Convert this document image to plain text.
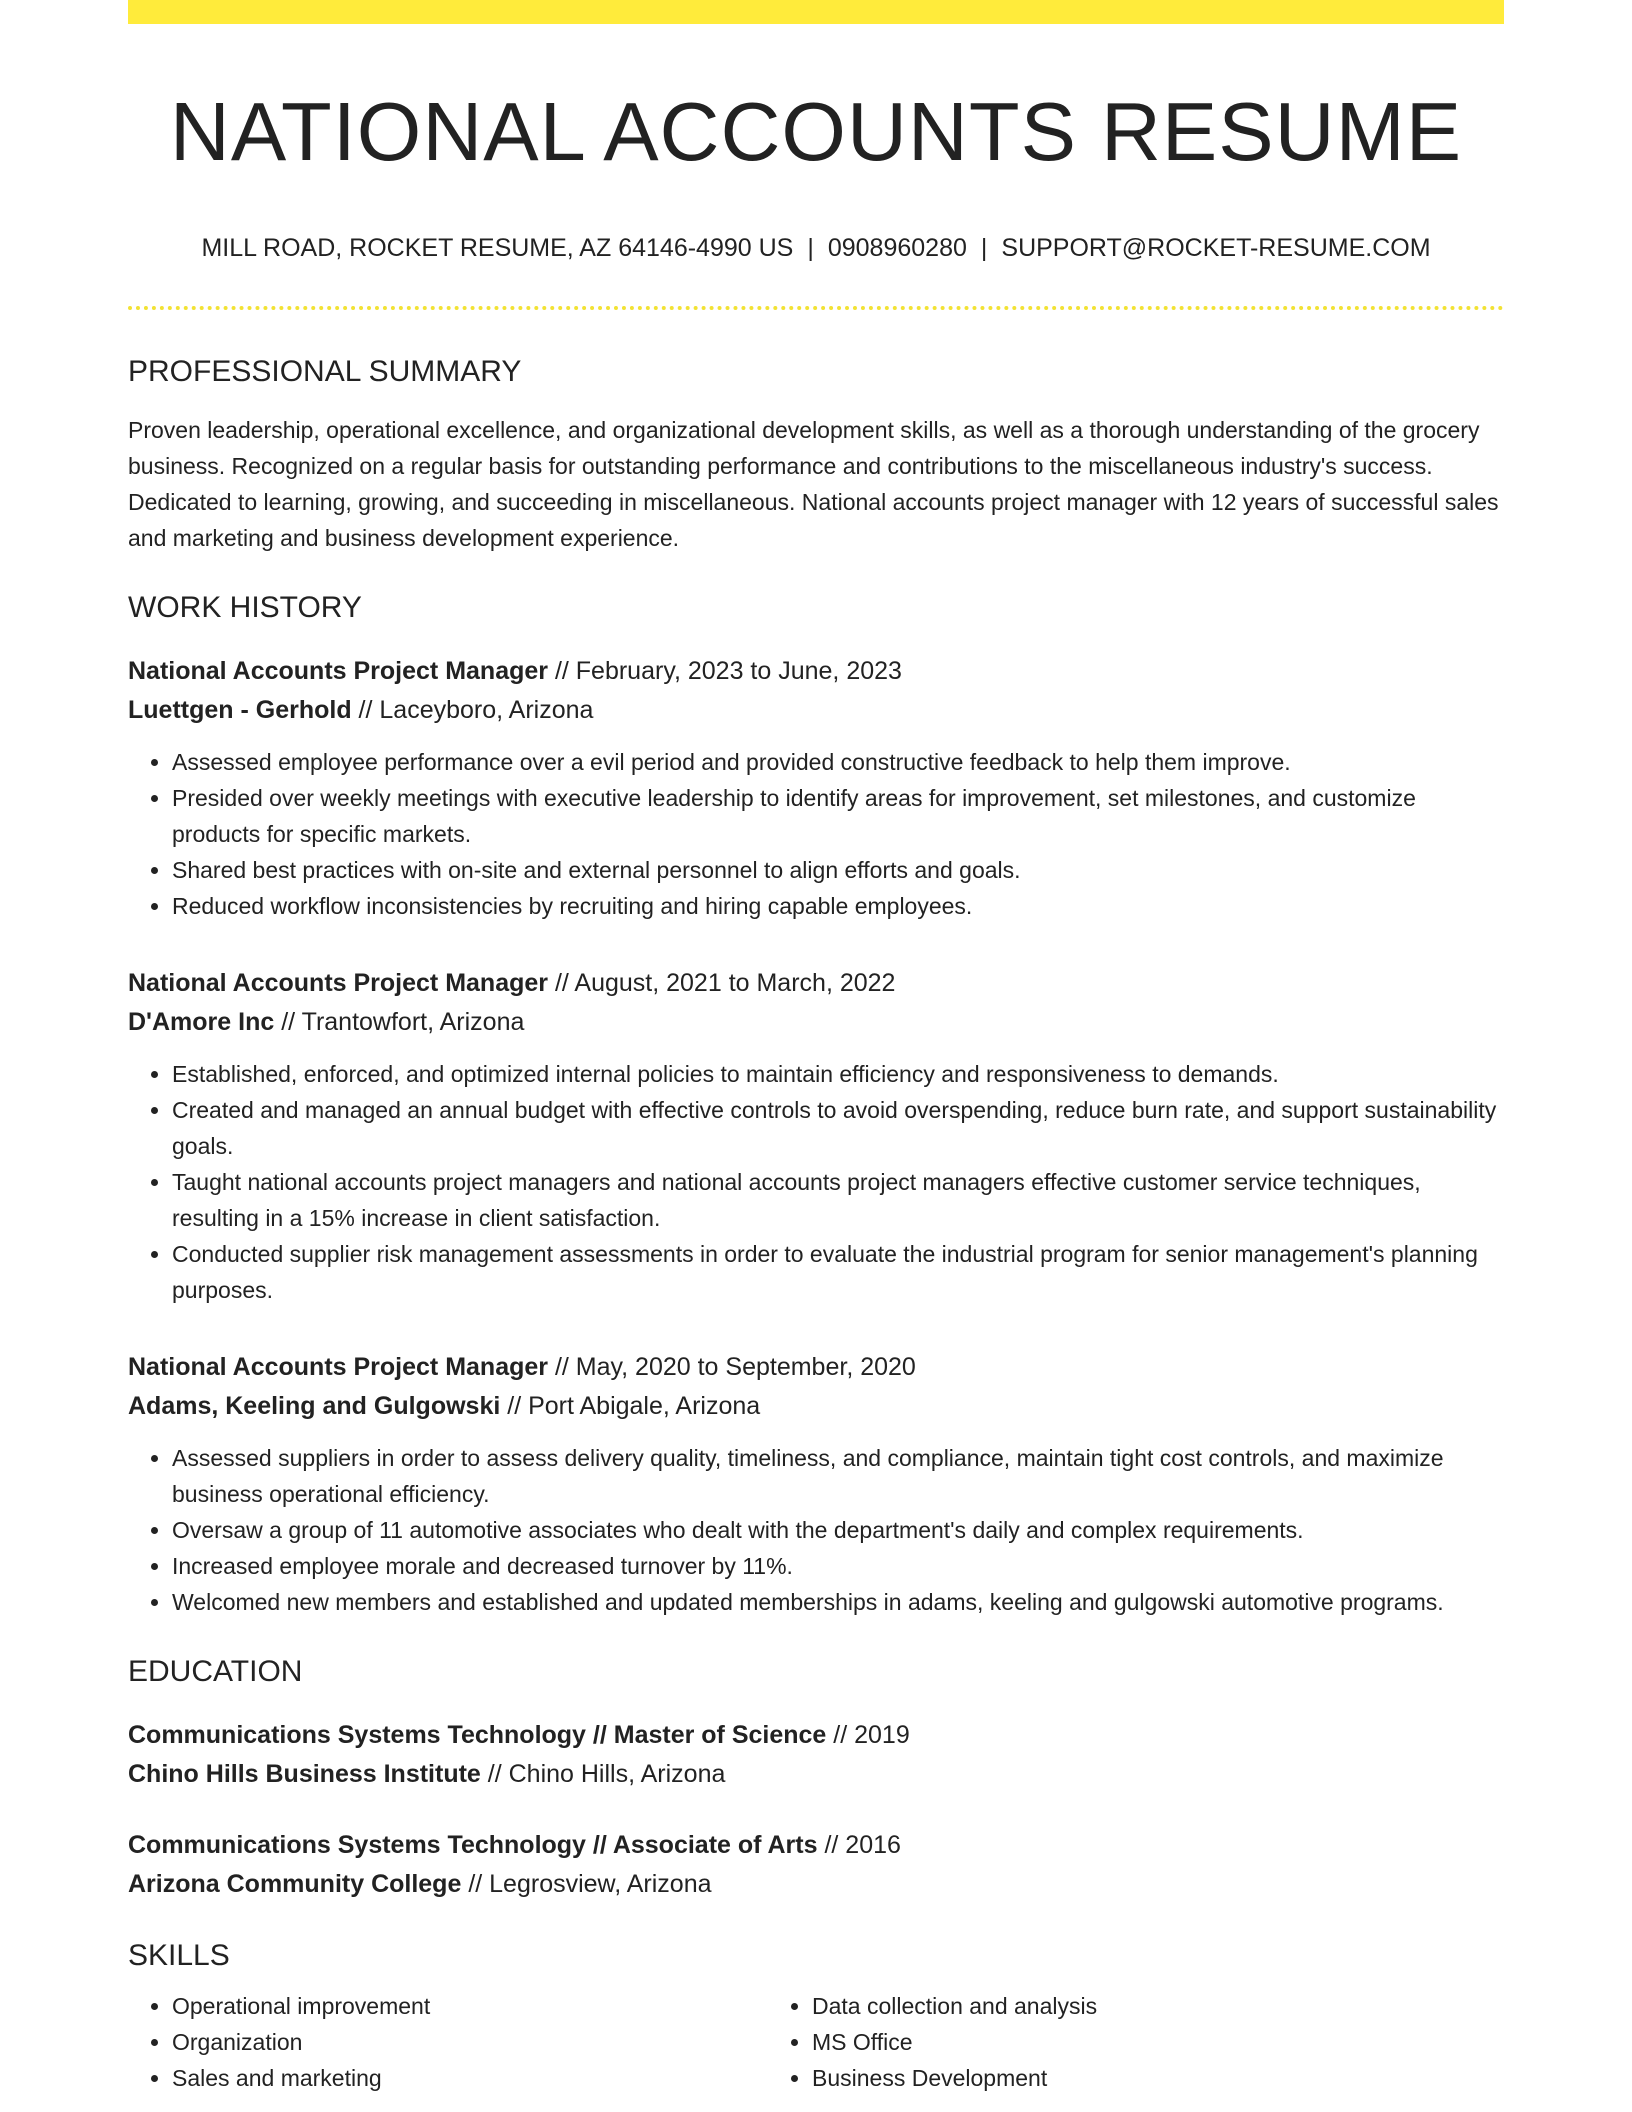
NATIONAL ACCOUNTS RESUME
MILL ROAD, ROCKET RESUME, AZ 64146-4990 US | 0908960280 | SUPPORT@ROCKET-RESUME.COM
PROFESSIONAL SUMMARY

Proven leadership, operational excellence, and organizational development skills, as well as a thorough understanding of the grocery business. Recognized on a regular basis for outstanding performance and contributions to the miscellaneous industry's success. Dedicated to learning, growing, and succeeding in miscellaneous. National accounts project manager with 12 years of successful sales and marketing and business development experience.

WORK HISTORY
National Accounts Project Manager // February, 2023 to June, 2023
Luettgen - Gerhold // Laceyboro, Arizona
• Assessed employee performance over a evil period and provided constructive feedback to help them improve.
• Presided over weekly meetings with executive leadership to identify areas for improvement, set milestones, and customize products for specific markets.
• Shared best practices with on-site and external personnel to align efforts and goals.
• Reduced workflow inconsistencies by recruiting and hiring capable employees.
National Accounts Project Manager // August, 2021 to March, 2022
D'Amore Inc // Trantowfort, Arizona
• Established, enforced, and optimized internal policies to maintain efficiency and responsiveness to demands.
• Created and managed an annual budget with effective controls to avoid overspending, reduce burn rate, and support sustainability goals.
• Taught national accounts project managers and national accounts project managers effective customer service techniques, resulting in a 15% increase in client satisfaction.
• Conducted supplier risk management assessments in order to evaluate the industrial program for senior management's planning purposes.
National Accounts Project Manager // May, 2020 to September, 2020
Adams, Keeling and Gulgowski // Port Abigale, Arizona
• Assessed suppliers in order to assess delivery quality, timeliness, and compliance, maintain tight cost controls, and maximize business operational efficiency.
• Oversaw a group of 11 automotive associates who dealt with the department's daily and complex requirements.
• Increased employee morale and decreased turnover by 11%.
• Welcomed new members and established and updated memberships in adams, keeling and gulgowski automotive programs.
EDUCATION
Communications Systems Technology // Master of Science // 2019
Chino Hills Business Institute // Chino Hills, Arizona
Communications Systems Technology // Associate of Arts // 2016
Arizona Community College // Legrosview, Arizona
SKILLS
• Operational improvement
• Organization
• Sales and marketing
• Data collection and analysis
• MS Office
• Business Development
